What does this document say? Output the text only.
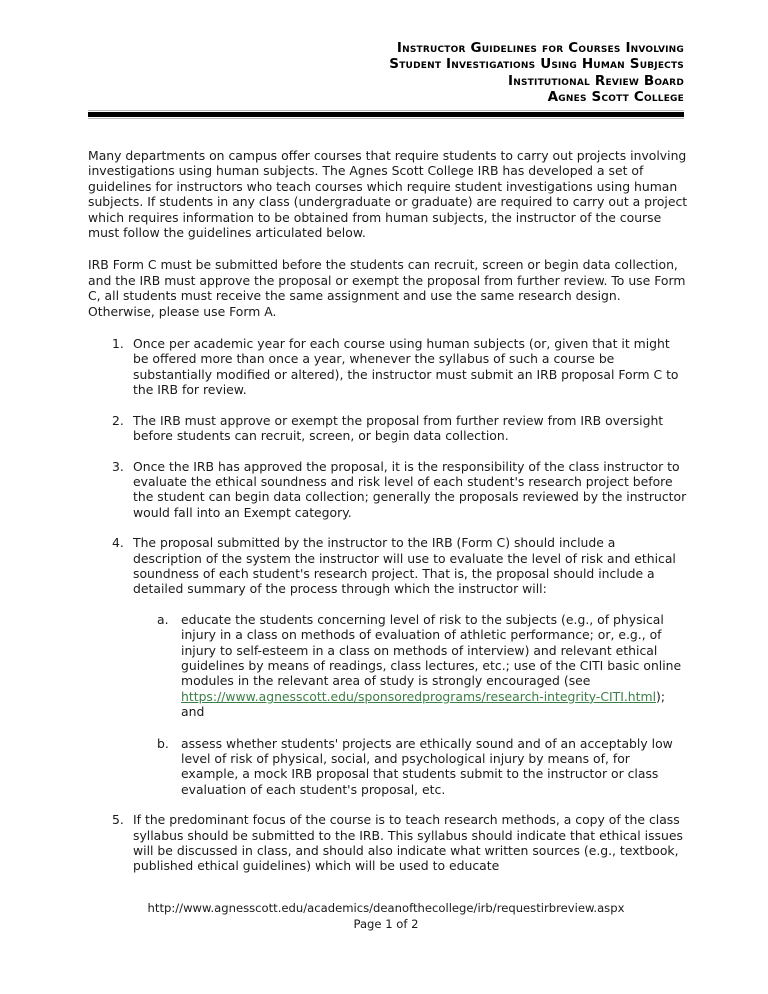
Instructor Guidelines for Courses Involving
Student Investigations Using Human Subjects
Institutional Review Board
Agnes Scott College

Many departments on campus offer courses that require students to carry out projects involving investigations using human subjects. The Agnes Scott College IRB has developed a set of guidelines for instructors who teach courses which require student investigations using human subjects. If students in any class (undergraduate or graduate) are required to carry out a project which requires information to be obtained from human subjects, the instructor of the course must follow the guidelines articulated below.

IRB Form C must be submitted before the students can recruit, screen or begin data collection, and the IRB must approve the proposal or exempt the proposal from further review. To use Form C, all students must receive the same assignment and use the same research design. Otherwise, please use Form A.

1. Once per academic year for each course using human subjects (or, given that it might be offered more than once a year, whenever the syllabus of such a course be substantially modified or altered), the instructor must submit an IRB proposal Form C to the IRB for review.
2. The IRB must approve or exempt the proposal from further review from IRB oversight before students can recruit, screen, or begin data collection.
3. Once the IRB has approved the proposal, it is the responsibility of the class instructor to evaluate the ethical soundness and risk level of each student's research project before the student can begin data collection; generally the proposals reviewed by the instructor would fall into an Exempt category.
4. The proposal submitted by the instructor to the IRB (Form C) should include a description of the system the instructor will use to evaluate the level of risk and ethical soundness of each student's research project. That is, the proposal should include a detailed summary of the process through which the instructor will:
a.	educate the students concerning level of risk to the subjects (e.g., of physical injury in a class on methods of evaluation of athletic performance; or, e.g., of injury to self-esteem in a class on methods of interview) and relevant ethical guidelines by means of readings, class lectures, etc.; use of the CITI basic online modules in the relevant area of study is strongly encouraged (see https://www.agnesscott.edu/sponsoredprograms/research-integrity-CITI.html); and
b. assess whether students' projects are ethically sound and of an acceptably low level of risk of physical, social, and psychological injury by means of, for example, a mock IRB proposal that students submit to the instructor or class evaluation of each student's proposal, etc.
5. If the predominant focus of the course is to teach research methods, a copy of the class syllabus should be submitted to the IRB. This syllabus should indicate that ethical issues will be discussed in class, and should also indicate what written sources (e.g., textbook, published ethical guidelines) which will be used to educate
http://www.agnesscott.edu/academics/deanofthecollege/irb/requestirbreview.aspx
Page 1 of 2
